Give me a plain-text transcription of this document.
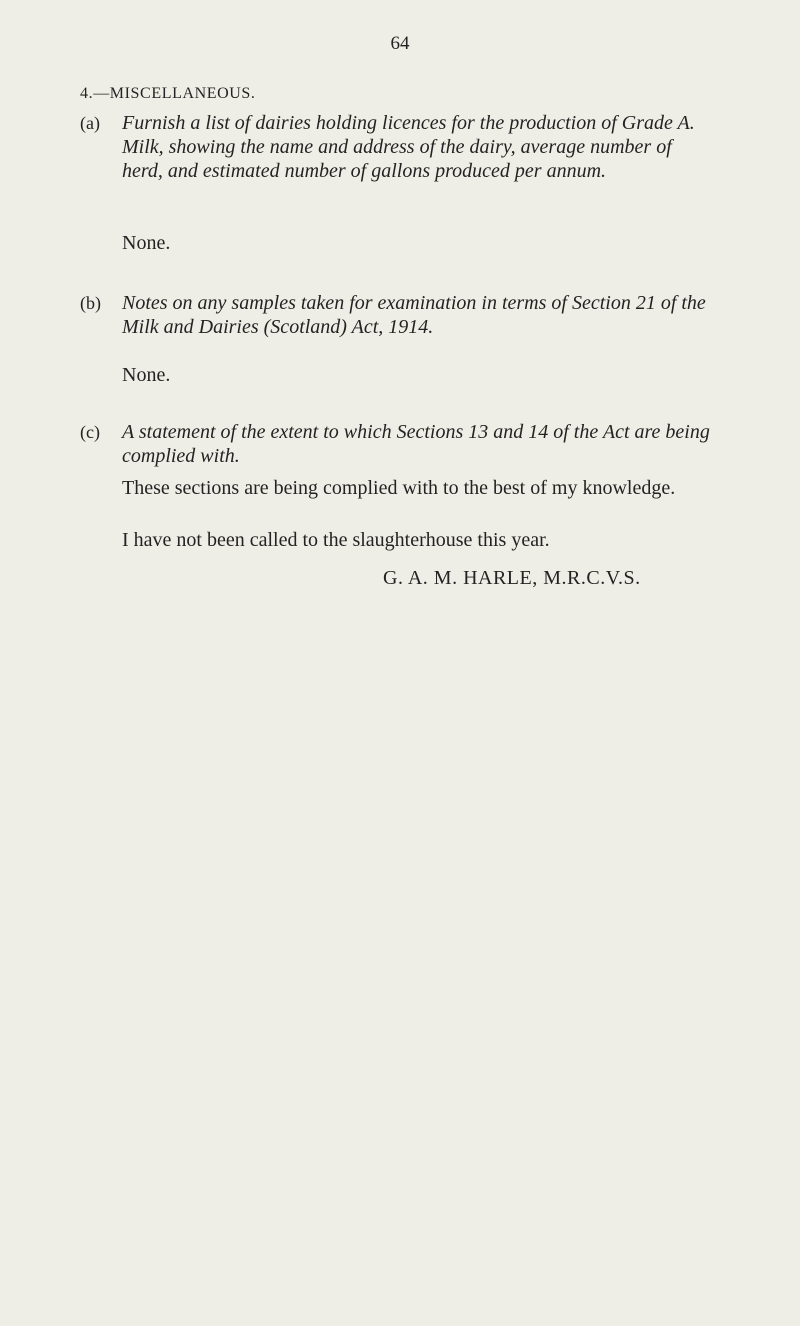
64
4.—MISCELLANEOUS.
(a) Furnish a list of dairies holding licences for the production of Grade A. Milk, showing the name and address of the dairy, average number of herd, and estimated number of gallons produced per annum.
None.
(b) Notes on any samples taken for examination in terms of Section 21 of the Milk and Dairies (Scotland) Act, 1914.
None.
(c) A statement of the extent to which Sections 13 and 14 of the Act are being complied with.
These sections are being complied with to the best of my knowledge.
I have not been called to the slaughterhouse this year.
G. A. M. HARLE, M.R.C.V.S.
